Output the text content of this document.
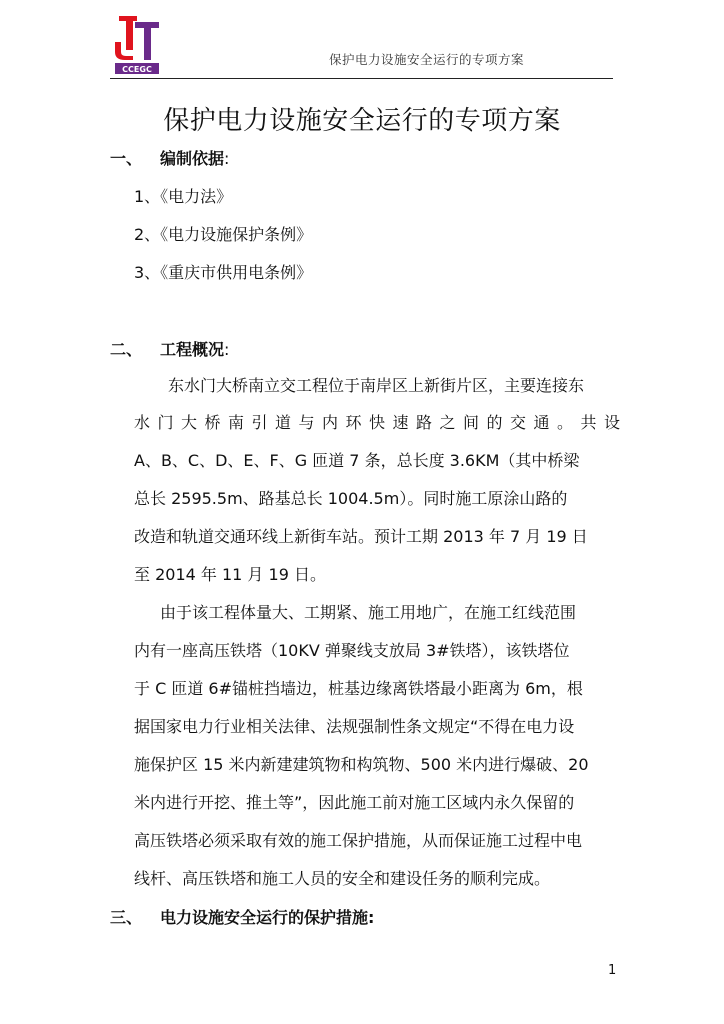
CCEGC
保护电力设施安全运行的专项方案
保护电力设施安全运行的专项方案
一、 编制依据:
1、《电力法》
2、《电力设施保护条例》
3、《重庆市供用电条例》
二、 工程概况:
东水门大桥南立交工程位于南岸区上新街片区，主要连接东
水门大桥南引道与内环快速路之间的交通。共设
A、B、C、D、E、F、G 匝道 7 条，总长度 3.6KM（其中桥梁
总长 2595.5m、路基总长 1004.5m）。同时施工原涂山路的
改造和轨道交通环线上新街车站。预计工期 2013 年 7 月 19 日
至 2014 年 11 月 19 日。
由于该工程体量大、工期紧、施工用地广，在施工红线范围
内有一座高压铁塔（10KV 弹聚线支放局 3#铁塔），该铁塔位
于 C 匝道 6#锚桩挡墙边，桩基边缘离铁塔最小距离为 6m，根
据国家电力行业相关法律、法规强制性条文规定“不得在电力设
施保护区 15 米内新建建筑物和构筑物、500 米内进行爆破、20
米内进行开挖、推土等”，因此施工前对施工区域内永久保留的
高压铁塔必须采取有效的施工保护措施，从而保证施工过程中电
线杆、高压铁塔和施工人员的安全和建设任务的顺利完成。
三、 电力设施安全运行的保护措施:
1
